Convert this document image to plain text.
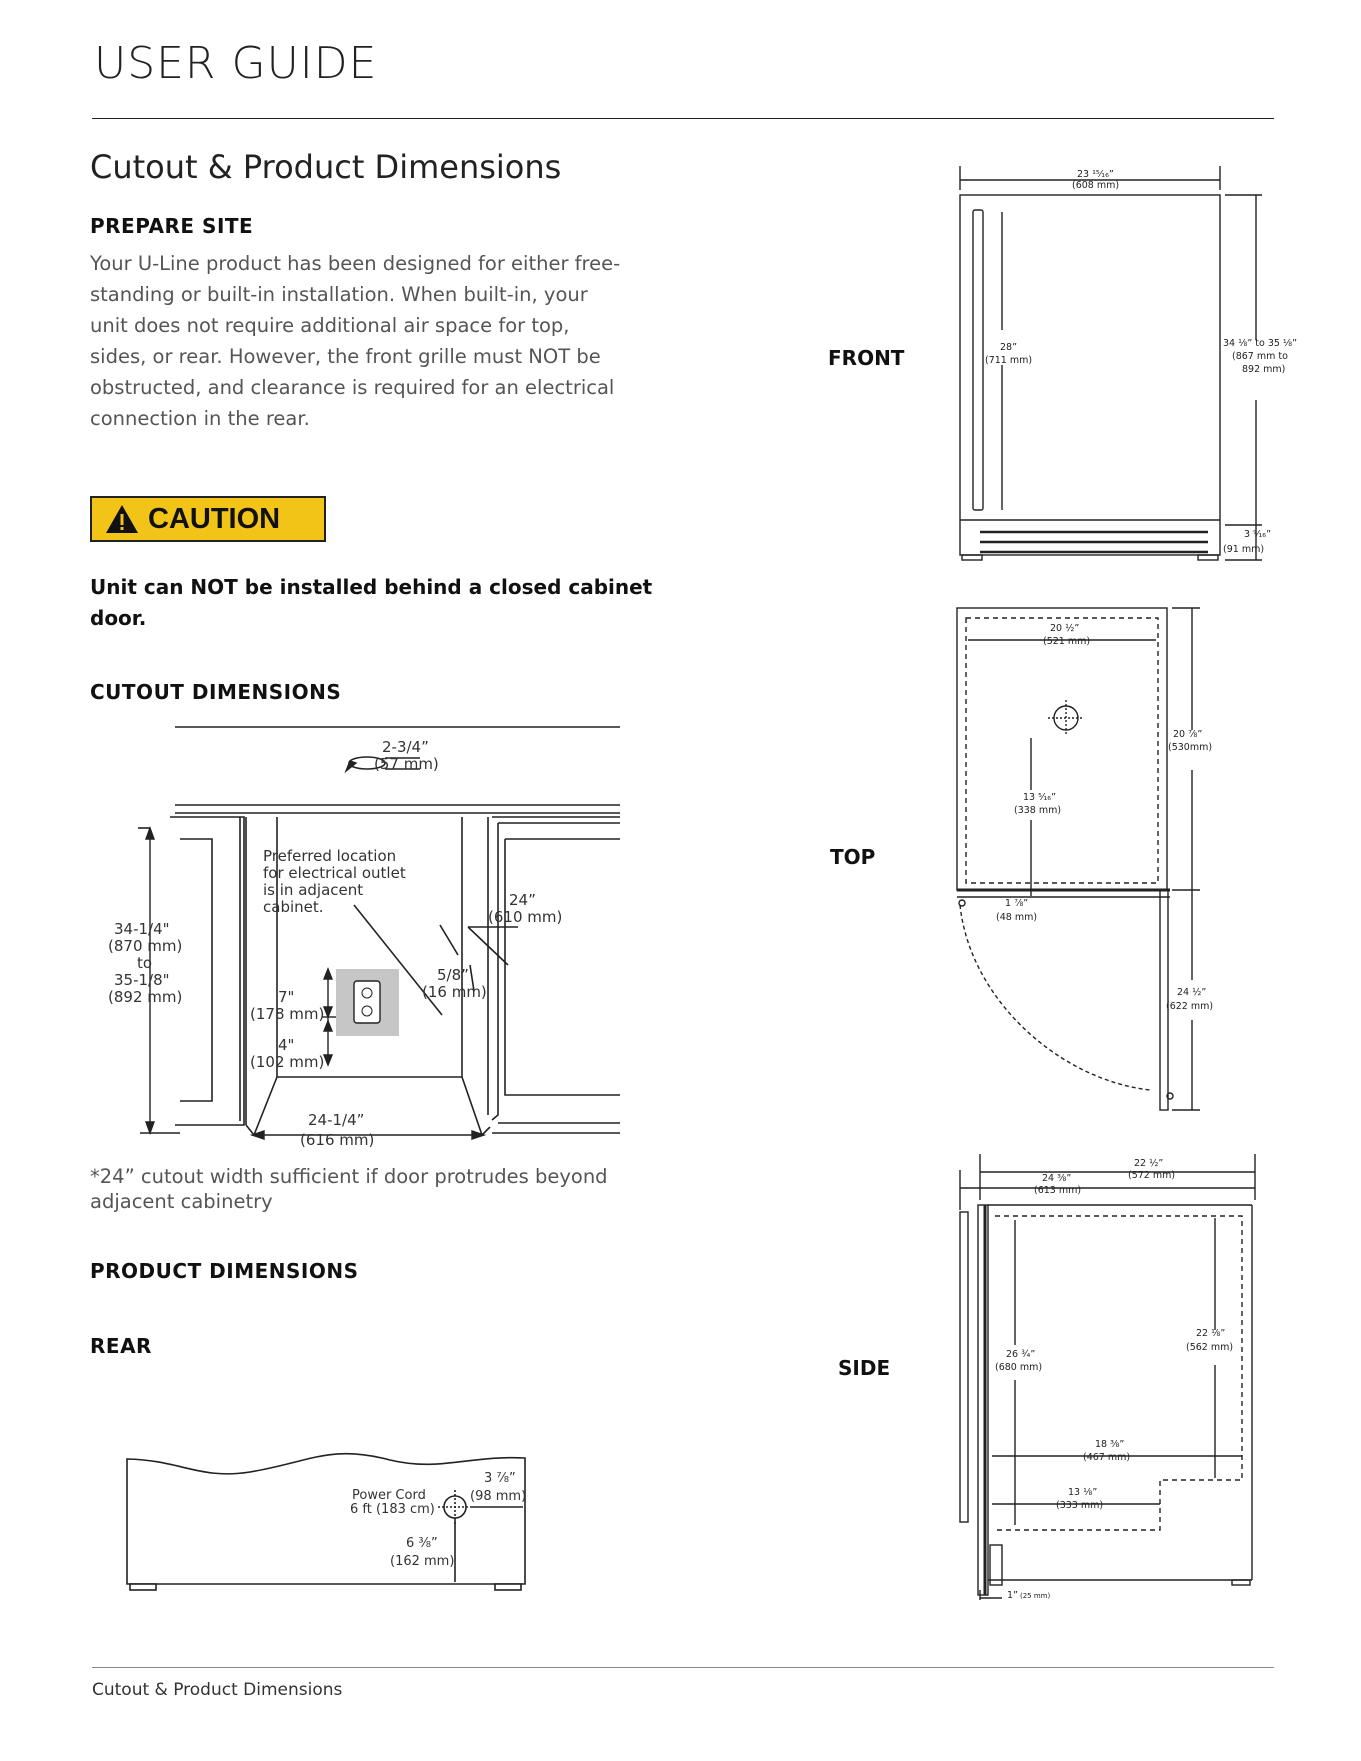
USER GUIDE
Cutout & Product Dimensions
PREPARE SITE
Your U-Line product has been designed for either free-standing or built-in installation. When built-in, your unit does not require additional air space for top, sides, or rear. However, the front grille must NOT be obstructed, and clearance is required for an electrical connection in the rear.
CAUTION
Unit can NOT be installed behind a closed cabinet door.
CUTOUT DIMENSIONS
2-3/4”
(57 mm)
Preferred location
for electrical outlet
is in adjacent
cabinet.	24”
(610 mm)
34-1/4"
(870 mm)
to
35-1/8"
(892 mm)
5/8”
(16 mm)
7"
(178 mm)
4"
(102 mm)
24-1/4”
(616 mm)
*24” cutout width sufficient if door protrudes beyond adjacent cabinetry
PRODUCT DIMENSIONS
REAR
Power Cord
6 ft (183 cm)
3 ⅞”
(98 mm)
6 ⅜”
(162 mm)
FRONT
TOP
SIDE
23 ¹⁵⁄₁₆”
(608 mm)
28”
(711 mm)
34 ⅛” to 35 ⅛”
(867 mm to
892 mm)
3 ⁹⁄₁₆”
(91 mm)
20 ½”
(521 mm)
20 ⅞”
(530mm)
13 ⁵⁄₁₆”
(338 mm)
1 ⅞”
(48 mm)
24 ½”
(622 mm)
22 ½”
(572 mm)
24 ⅜”
(613 mm)
26 ¾”
(680 mm)
22 ⅛”
(562 mm)
18 ⅜”
(467 mm)
13 ⅛”
(333 mm)
1” (25 mm)
Cutout & Product Dimensions
